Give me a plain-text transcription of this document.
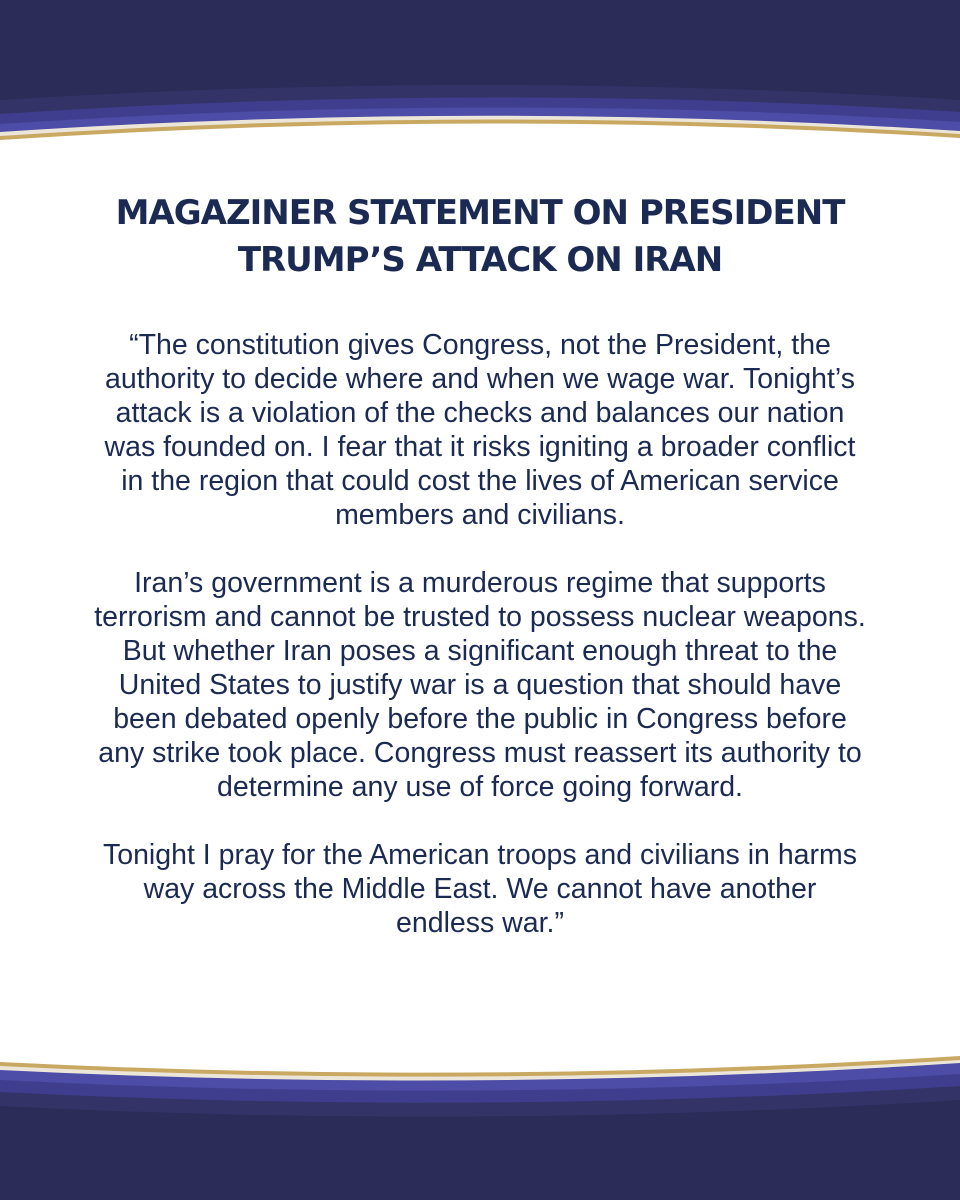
MAGAZINER STATEMENT ON PRESIDENT
TRUMP’S ATTACK ON IRAN

“The constitution gives Congress, not the President, the
authority to decide where and when we wage war. Tonight’s
attack is a violation of the checks and balances our nation
was founded on. I fear that it risks igniting a broader conflict
in the region that could cost the lives of American service
members and civilians.

Iran’s government is a murderous regime that supports
terrorism and cannot be trusted to possess nuclear weapons.
But whether Iran poses a significant enough threat to the
United States to justify war is a question that should have
been debated openly before the public in Congress before
any strike took place. Congress must reassert its authority to
determine any use of force going forward.

Tonight I pray for the American troops and civilians in harms
way across the Middle East. We cannot have another
endless war.”
